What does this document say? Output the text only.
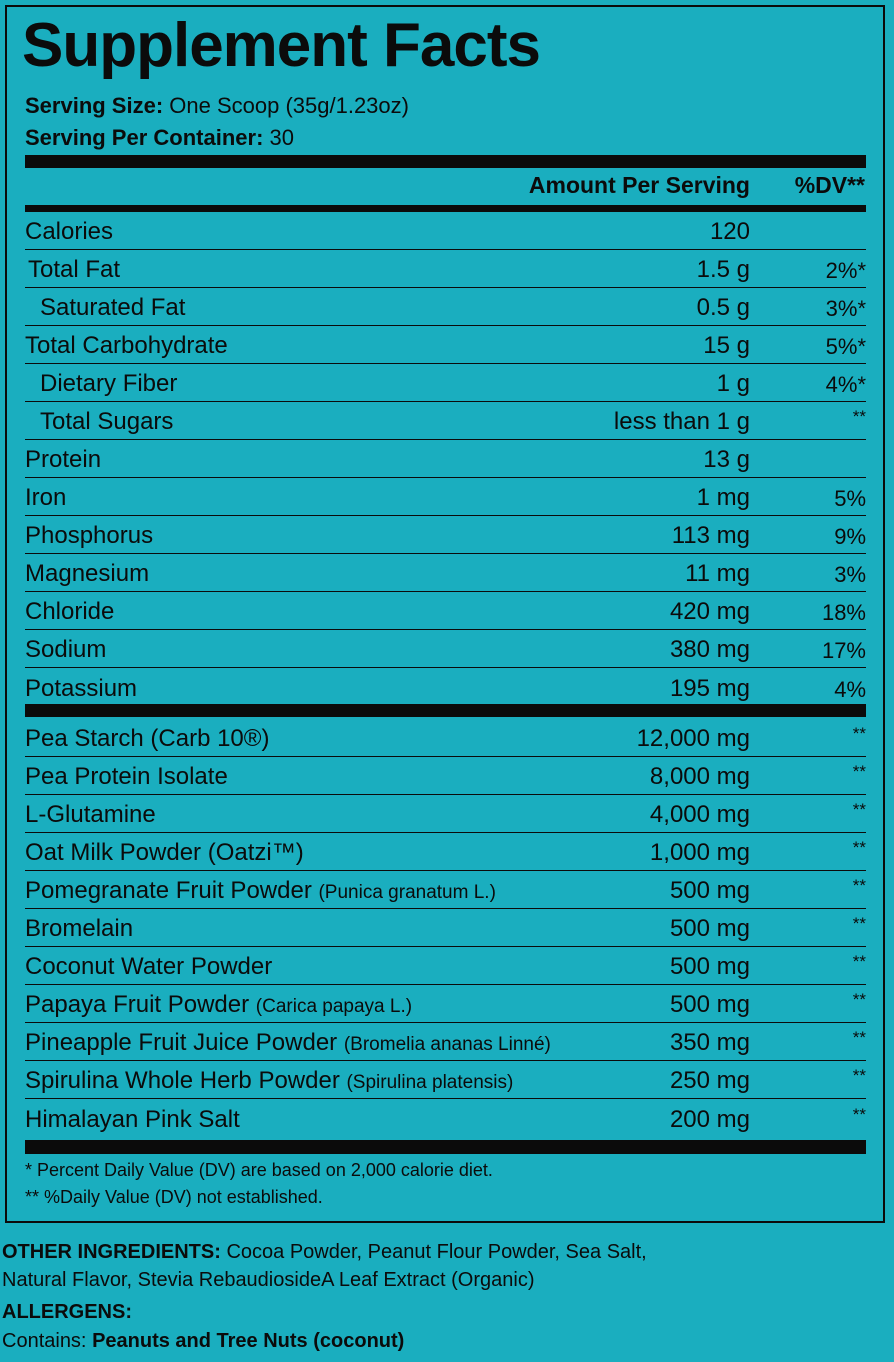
Supplement Facts
Serving Size: One Scoop (35g/1.23oz)
Serving Per Container: 30
Amount Per Serving	%DV**
Calories	120
Total Fat	1.5 g	2%*
Saturated Fat	0.5 g	3%*
Total Carbohydrate	15 g	5%*
Dietary Fiber	1 g	4%*
Total Sugars	less than 1 g	**
Protein	13 g
Iron	1 mg	5%
Phosphorus	113 mg	9%
Magnesium	11 mg	3%
Chloride	420 mg	18%
Sodium	380 mg	17%
Potassium	195 mg	4%
Pea Starch (Carb 10®)	12,000 mg	**
Pea Protein Isolate	8,000 mg	**
L-Glutamine	4,000 mg	**
Oat Milk Powder (Oatzi™)	1,000 mg	**
Pomegranate Fruit Powder (Punica granatum L.)	500 mg	**
Bromelain	500 mg	**
Coconut Water Powder	500 mg	**
Papaya Fruit Powder (Carica papaya L.)	500 mg	**
Pineapple Fruit Juice Powder (Bromelia ananas Linné)	350 mg	**
Spirulina Whole Herb Powder (Spirulina platensis)	250 mg	**
Himalayan Pink Salt	200 mg	**
* Percent Daily Value (DV) are based on 2,000 calorie diet.
** %Daily Value (DV) not established.
OTHER INGREDIENTS: Cocoa Powder, Peanut Flour Powder, Sea Salt,
Natural Flavor, Stevia RebaudiosideA Leaf Extract (Organic)
ALLERGENS:
Contains: Peanuts and Tree Nuts (coconut)
